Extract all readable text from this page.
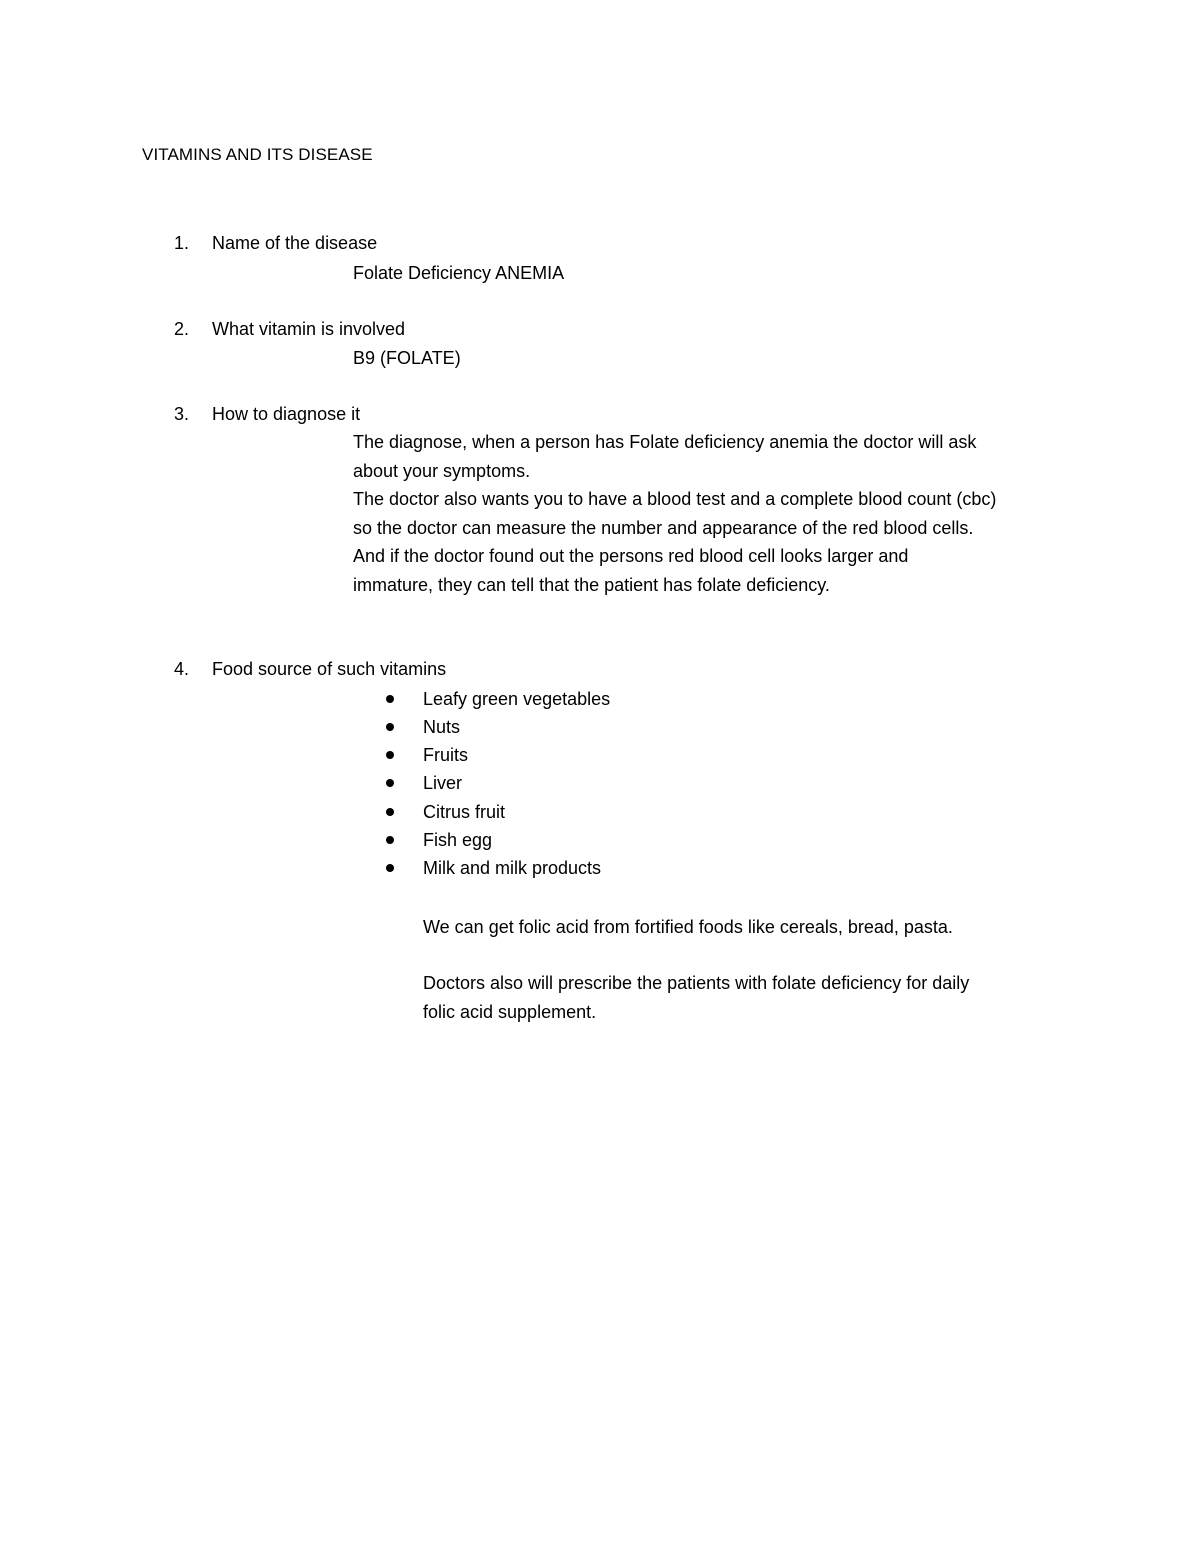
VITAMINS AND ITS DISEASE
1. Name of the disease
Folate Deficiency ANEMIA
2. What vitamin is involved
B9 (FOLATE)
3. How to diagnose it
The diagnose, when a person has Folate deficiency anemia the doctor will ask
about your symptoms.
The doctor also wants you to have a blood test and a complete blood count (cbc)
so the doctor can measure the number and appearance of the red blood cells.
And if the doctor found out the persons red blood cell looks larger and
immature, they can tell that the patient has folate deficiency.
4. Food source of such vitamins
Leafy green vegetables
Nuts
Fruits
Liver
Citrus fruit
Fish egg
Milk and milk products
We can get folic acid from fortified foods like cereals, bread, pasta.
Doctors also will prescribe the patients with folate deficiency for daily
folic acid supplement.
